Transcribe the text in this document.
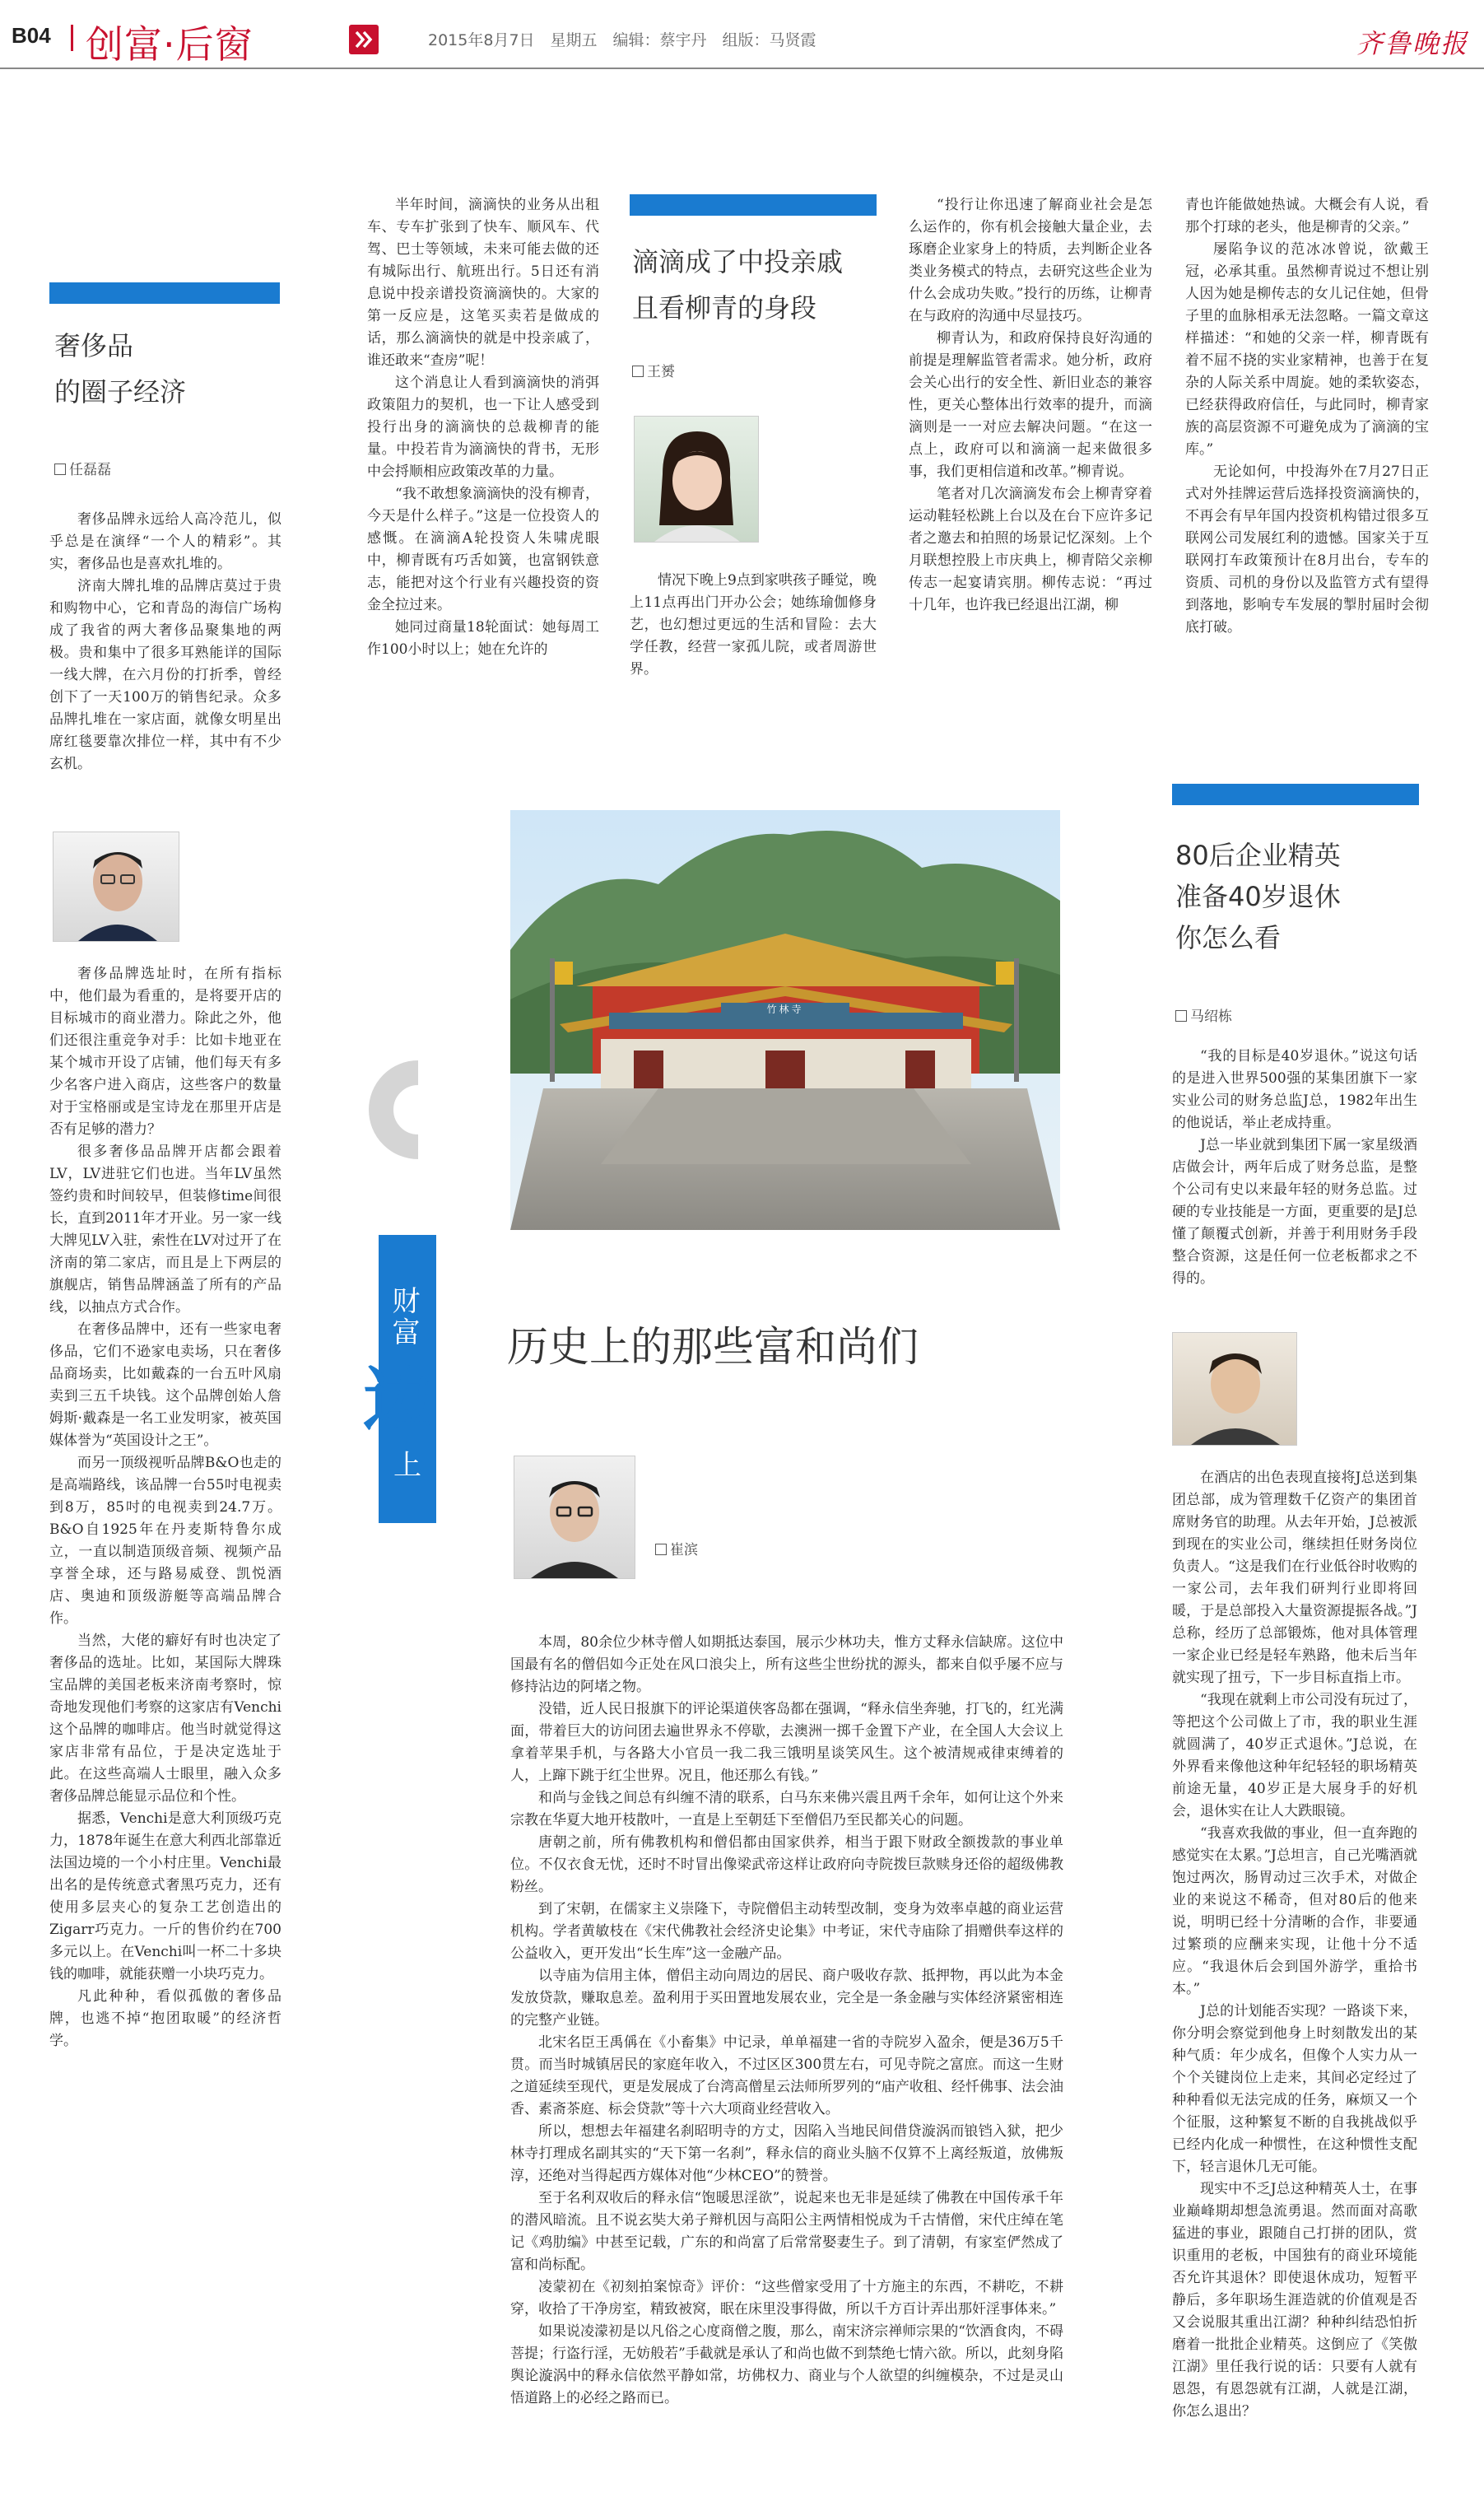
B04 创富·后窗	2015年8月7日　星期五　编辑：蔡宇丹　组版：马贤霞	齐鲁晚报
奢侈品
的圈子经济
任磊磊

奢侈品牌永远给人高冷范儿，似乎总是在演绎“一个人的精彩”。其实，奢侈品也是喜欢扎堆的。

济南大牌扎堆的品牌店莫过于贵和购物中心，它和青岛的海信广场构成了我省的两大奢侈品聚集地的两极。贵和集中了很多耳熟能详的国际一线大牌，在六月份的打折季，曾经创下了一天100万的销售纪录。众多品牌扎堆在一家店面，就像女明星出席红毯要靠次排位一样，其中有不少玄机。

奢侈品牌选址时，在所有指标中，他们最为看重的，是将要开店的目标城市的商业潜力。除此之外，他们还很注重竞争对手：比如卡地亚在某个城市开设了店铺，他们每天有多少名客户进入商店，这些客户的数量对于宝格丽或是宝诗龙在那里开店是否有足够的潜力？

很多奢侈品品牌开店都会跟着LV，LV进驻它们也进。当年LV虽然签约贵和时间较早，但装修time间很长，直到2011年才开业。另一家一线大牌见LV入驻，索性在LV对过开了在济南的第二家店，而且是上下两层的旗舰店，销售品牌涵盖了所有的产品线，以抽点方式合作。

在奢侈品牌中，还有一些家电奢侈品，它们不逊家电卖场，只在奢侈品商场卖，比如戴森的一台五叶风扇卖到三五千块钱。这个品牌创始人詹姆斯·戴森是一名工业发明家，被英国媒体誉为“英国设计之王”。

而另一顶级视听品牌B&O也走的是高端路线，该品牌一台55吋电视卖到8万，85吋的电视卖到24.7万。B&O自1925年在丹麦斯特鲁尔成立，一直以制造顶级音频、视频产品享誉全球，还与路易威登、凯悦酒店、奥迪和顶级游艇等高端品牌合作。

当然，大佬的癖好有时也决定了奢侈品的选址。比如，某国际大牌珠宝品牌的美国老板来济南考察时，惊奇地发现他们考察的这家店有Venchi这个品牌的咖啡店。他当时就觉得这家店非常有品位，于是决定选址于此。在这些高端人士眼里，融入众多奢侈品牌总能显示品位和个性。

据悉，Venchi是意大利顶级巧克力，1878年诞生在意大利西北部靠近法国边境的一个小村庄里。Venchi最出名的是传统意式奢黑巧克力，还有使用多层夹心的复杂工艺创造出的Zigarr巧克力。一斤的售价约在700多元以上。在Venchi叫一杯二十多块钱的咖啡，就能获赠一小块巧克力。

凡此种种，看似孤傲的奢侈品牌，也逃不掉“抱团取暖”的经济哲学。

半年时间，滴滴快的业务从出租车、专车扩张到了快车、顺风车、代驾、巴士等领域，未来可能去做的还有城际出行、航班出行。5日还有消息说中投亲谱投资滴滴快的。大家的第一反应是，这笔买卖若是做成的话，那么滴滴快的就是中投亲戚了，谁还敢来“查房”呢！

这个消息让人看到滴滴快的消弭政策阻力的契机，也一下让人感受到投行出身的滴滴快的总裁柳青的能量。中投若肯为滴滴快的背书，无形中会捋顺相应政策改革的力量。

“我不敢想象滴滴快的没有柳青，今天是什么样子。”这是一位投资人的感慨。在滴滴A轮投资人朱啸虎眼中，柳青既有巧舌如簧，也富钢铁意志，能把对这个行业有兴趣投资的资金全拉过来。

她同过商量18轮面试：她每周工作100小时以上；她在允许的

滴滴成了中投亲戚
且看柳青的身段
王赟

情况下晚上9点到家哄孩子睡觉，晚上11点再出门开办公会；她练瑜伽修身艺，也幻想过更远的生活和冒险：去大学任教，经营一家孤儿院，或者周游世界。

“投行让你迅速了解商业社会是怎么运作的，你有机会接触大量企业，去琢磨企业家身上的特质，去判断企业各类业务模式的特点，去研究这些企业为什么会成功失败。”投行的历练，让柳青在与政府的沟通中尽显技巧。

柳青认为，和政府保持良好沟通的前提是理解监管者需求。她分析，政府会关心出行的安全性、新旧业态的兼容性，更关心整体出行效率的提升，而滴滴则是一一对应去解决问题。“在这一点上，政府可以和滴滴一起来做很多事，我们更相信道和改革。”柳青说。

笔者对几次滴滴发布会上柳青穿着运动鞋轻松跳上台以及在台下应许多记者之邀去和拍照的场景记忆深刻。上个月联想控股上市庆典上，柳青陪父亲柳传志一起宴请宾朋。柳传志说：“再过十几年，也许我已经退出江湖，柳

青也许能做她热诚。大概会有人说，看那个打球的老头，他是柳青的父亲。”

屡陷争议的范冰冰曾说，欲戴王冠，必承其重。虽然柳青说过不想让别人因为她是柳传志的女儿记住她，但骨子里的血脉相承无法忽略。一篇文章这样描述：“和她的父亲一样，柳青既有着不屈不挠的实业家精神，也善于在复杂的人际关系中周旋。她的柔软姿态，已经获得政府信任，与此同时，柳青家族的高层资源不可避免成为了滴滴的宝库。”

无论如何，中投海外在7月27日正式对外挂牌运营后选择投资滴滴快的，不再会有早年国内投资机构错过很多互联网公司发展红利的遗憾。国家关于互联网打车政策预计在8月出台，专车的资质、司机的身份以及监管方式有望得到落地，影响专车发展的掣肘届时会彻底打破。

竹林寺
财富
边
上
历史上的那些富和尚们
崔滨

本周，80余位少林寺僧人如期抵达泰国，展示少林功夫，惟方丈释永信缺席。这位中国最有名的僧侣如今正处在风口浪尖上，所有这些尘世纷扰的源头，都来自似乎屡不应与修持沾边的阿堵之物。

没错，近人民日报旗下的评论渠道侠客岛都在强调，“释永信坐奔驰，打飞的，红光满面，带着巨大的访问团去遍世界永不停歇，去澳洲一掷千金置下产业，在全国人大会议上拿着苹果手机，与各路大小官员一我二我三饿明星谈笑风生。这个被清规戒律束缚着的人，上蹿下跳于红尘世界。况且，他还那么有钱。”

和尚与金钱之间总有纠缠不清的联系，白马东来佛兴震且两千余年，如何让这个外来宗教在华夏大地开枝散叶，一直是上至朝廷下至僧侣乃至民都关心的问题。

唐朝之前，所有佛教机构和僧侣都由国家供养，相当于跟下财政全额拨款的事业单位。不仅衣食无忧，还时不时冒出像梁武帝这样让政府向寺院拨巨款赎身还俗的超级佛教粉丝。

到了宋朝，在儒家主义崇隆下，寺院僧侣主动转型改制，变身为效率卓越的商业运营机构。学者黄敏枝在《宋代佛教社会经济史论集》中考证，宋代寺庙除了捐赠供奉这样的公益收入，更开发出“长生库”这一金融产品。

以寺庙为信用主体，僧侣主动向周边的居民、商户吸收存款、抵押物，再以此为本金发放贷款，赚取息差。盈利用于买田置地发展农业，完全是一条金融与实体经济紧密相连的完整产业链。

北宋名臣王禹偁在《小畜集》中记录，单单福建一省的寺院岁入盈余，便是36万5千贯。而当时城镇居民的家庭年收入，不过区区300贯左右，可见寺院之富庶。而这一生财之道延续至现代，更是发展成了台湾高僧星云法师所罗列的“庙产收租、经忏佛事、法会油香、素斋茶庭、标会贷款”等十六大项商业经营收入。

所以，想想去年福建名刹昭明寺的方丈，因陷入当地民间借贷漩涡而锒铛入狱，把少林寺打理成名副其实的“天下第一名刹”，释永信的商业头脑不仅算不上离经叛道，放佛叛淳，还绝对当得起西方媒体对他“少林CEO”的赞誉。

至于名利双收后的释永信“饱暖思淫欲”，说起来也无非是延续了佛教在中国传承千年的潜风暗流。且不说玄奘大弟子辩机因与高阳公主两情相悦成为千古情僧，宋代庄绰在笔记《鸡肋编》中甚至记载，广东的和尚富了后常常娶妻生子。到了清朝，有家室俨然成了富和尚标配。

凌蒙初在《初刻拍案惊奇》评价：“这些僧家受用了十方施主的东西，不耕吃，不耕穿，收拾了干净房室，精致被窝，眠在床里没事得做，所以千方百计弄出那奸淫事体来。”

如果说凌濛初是以凡俗之心度商僧之腹，那么，南宋济宗禅师宗果的“饮酒食肉，不碍菩提；行盗行淫，无妨般若”手截就是承认了和尚也做不到禁绝七情六欲。所以，此刻身陷舆论漩涡中的释永信依然平静如常，坊佛权力、商业与个人欲望的纠缠模杂，不过是灵山悟道路上的必经之路而已。

80后企业精英
准备40岁退休
你怎么看
马绍栋

“我的目标是40岁退休。”说这句话的是进入世界500强的某集团旗下一家实业公司的财务总监J总，1982年出生的他说话，举止老成持重。

J总一毕业就到集团下属一家星级酒店做会计，两年后成了财务总监，是整个公司有史以来最年轻的财务总监。过硬的专业技能是一方面，更重要的是J总懂了颠覆式创新，并善于利用财务手段整合资源，这是任何一位老板都求之不得的。

在酒店的出色表现直接将J总送到集团总部，成为管理数千亿资产的集团首席财务官的助理。从去年开始，J总被派到现在的实业公司，继续担任财务岗位负责人。“这是我们在行业低谷时收购的一家公司，去年我们研判行业即将回暖，于是总部投入大量资源提振各战。”J总称，经历了总部锻炼，他对具体管理一家企业已经是轻车熟路，他未后当年就实现了扭亏，下一步目标直指上市。

“我现在就剩上市公司没有玩过了，等把这个公司做上了市，我的职业生涯就圆满了，40岁正式退休。”J总说，在外界看来像他这种年纪轻轻的职场精英前途无量，40岁正是大展身手的好机会，退休实在让人大跌眼镜。

“我喜欢我做的事业，但一直奔跑的感觉实在太累。”J总坦言，自己光嘴酒就饱过两次，肠胃动过三次手术，对做企业的来说这不稀奇，但对80后的他来说，明明已经十分清晰的合作，非要通过繁琐的应酬来实现，让他十分不适应。“我退休后会到国外游学，重拾书本。”

J总的计划能否实现？一路谈下来，你分明会察觉到他身上时刻散发出的某种气质：年少成名，但像个人实力从一个个关键岗位上走来，其间必定经过了种种看似无法完成的任务，麻烦又一个个征服，这种繁复不断的自我挑战似乎已经内化成一种惯性，在这种惯性支配下，轻言退休几无可能。

现实中不乏J总这种精英人士，在事业巅峰期却想急流勇退。然而面对高歌猛进的事业，跟随自己打拼的团队，赏识重用的老板，中国独有的商业环境能否允许其退休？即使退休成功，短暂平静后，多年职场生涯造就的价值观是否又会说服其重出江湖？种种纠结恐怕折磨着一批批企业精英。这倒应了《笑傲江湖》里任我行说的话：只要有人就有恩怨，有恩怨就有江湖，人就是江湖，你怎么退出？
